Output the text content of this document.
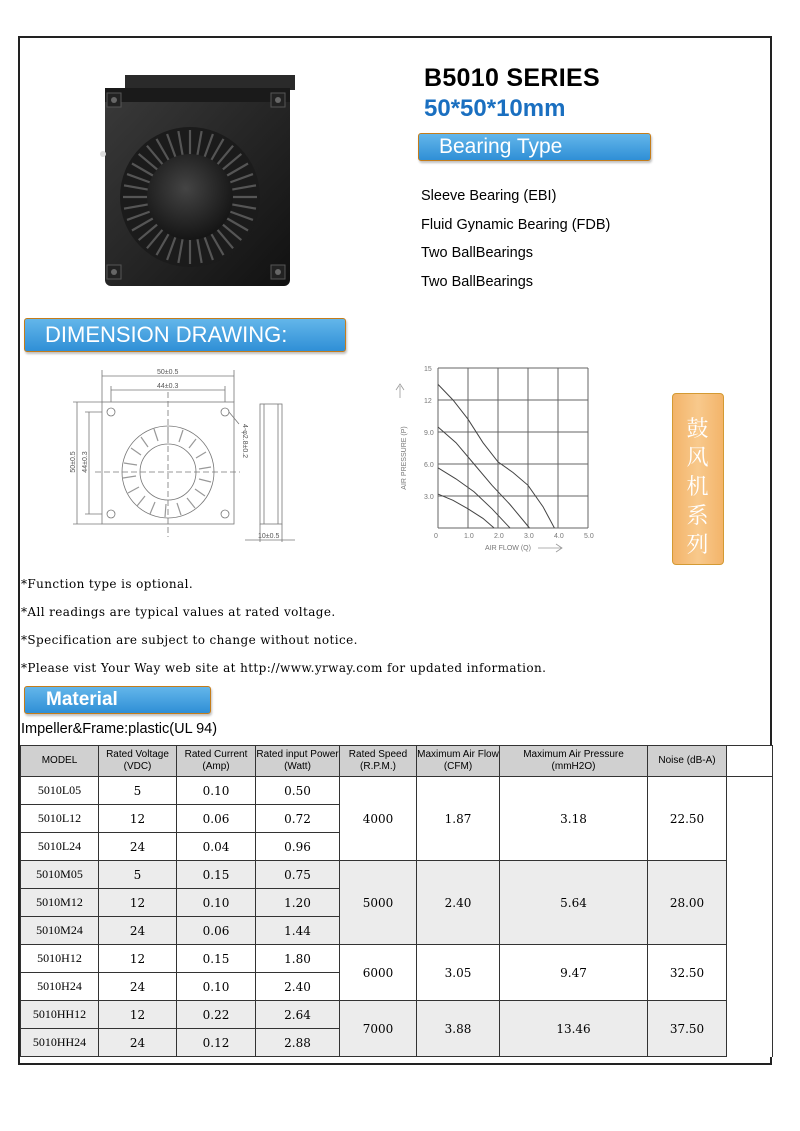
B5010 SERIES
50*50*10mm
Bearing Type
Sleeve Bearing (EBI)
Fluid Gynamic Bearing (FDB)
Two BallBearings
Two BallBearings
DIMENSION DRAWING:
50±0.5
44±0.3
50±0.5 44±0.3
4-φ2.8±0.2
10±0.5	0	1.0	2.0	3.0	4.0	5.0
3.0
6.0
9.0
12
15
AIR PRESSURE (P)
AIR FLOW (Q)
鼓
风
机
系
列
*Function type is optional.
*All readings are typical values at rated voltage.
*Specification are subject to change without notice.
*Please vist Your Way web site at http://www.yrway.com for updated information.
Material
Impeller&Frame:plastic(UL 94)
MODEL	Rated Voltage (VDC)	Rated Current (Amp)	Rated input Power (Watt)	Rated Speed (R.P.M.)	Maximum Air Flow (CFM)	Maximum Air Pressure (mmH2O)	Noise (dB-A)	
5010L05	5	0.10	0.50	4000	1.87	3.18	22.50	
5010L12	12	0.06	0.72					
5010L24	24	0.04	0.96					
5010M05	5	0.15	0.75	5000	2.40	5.64	28.00	
5010M12	12	0.10	1.20					
5010M24	24	0.06	1.44					
5010H12	12	0.15	1.80	6000	3.05	9.47	32.50	
5010H24	24	0.10	2.40					
5010HH12	12	0.22	2.64	7000	3.88	13.46	37.50	
5010HH24	24	0.12	2.88					
